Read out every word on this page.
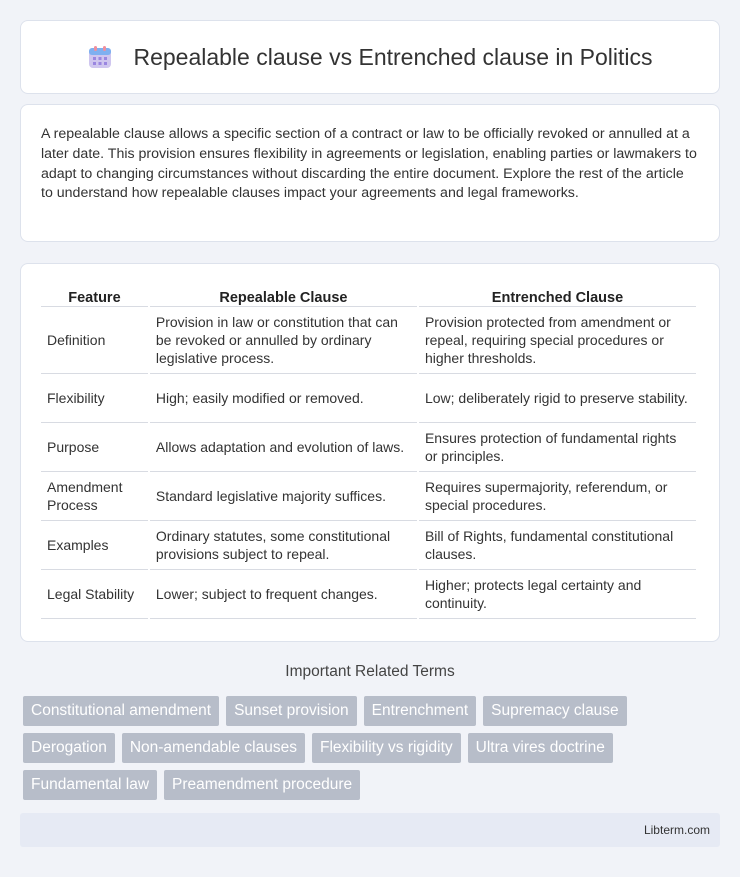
Repealable clause vs Entrenched clause in Politics

A repealable clause allows a specific section of a contract or law to be officially revoked or annulled at a later date. This provision ensures flexibility in agreements or legislation, enabling parties or lawmakers to adapt to changing circumstances without discarding the entire document. Explore the rest of the article to understand how repealable clauses impact your agreements and legal frameworks.

Feature	Repealable Clause	Entrenched Clause
Definition	Provision in law or constitution that can be revoked or annulled by ordinary legislative process.	Provision protected from amendment or repeal, requiring special procedures or higher thresholds.
Flexibility	High; easily modified or removed.	Low; deliberately rigid to preserve stability.
Purpose	Allows adaptation and evolution of laws.	Ensures protection of fundamental rights or principles.
Amendment Process	Standard legislative majority suffices.	Requires supermajority, referendum, or special procedures.
Examples	Ordinary statutes, some constitutional provisions subject to repeal.	Bill of Rights, fundamental constitutional clauses.
Legal Stability	Lower; subject to frequent changes.	Higher; protects legal certainty and continuity.
Important Related Terms
Constitutional amendment	Sunset provision	Entrenchment	Supremacy clause
Derogation	Non-amendable clauses	Flexibility vs rigidity	Ultra vires doctrine
Fundamental law	Preamendment procedure
Libterm.com
